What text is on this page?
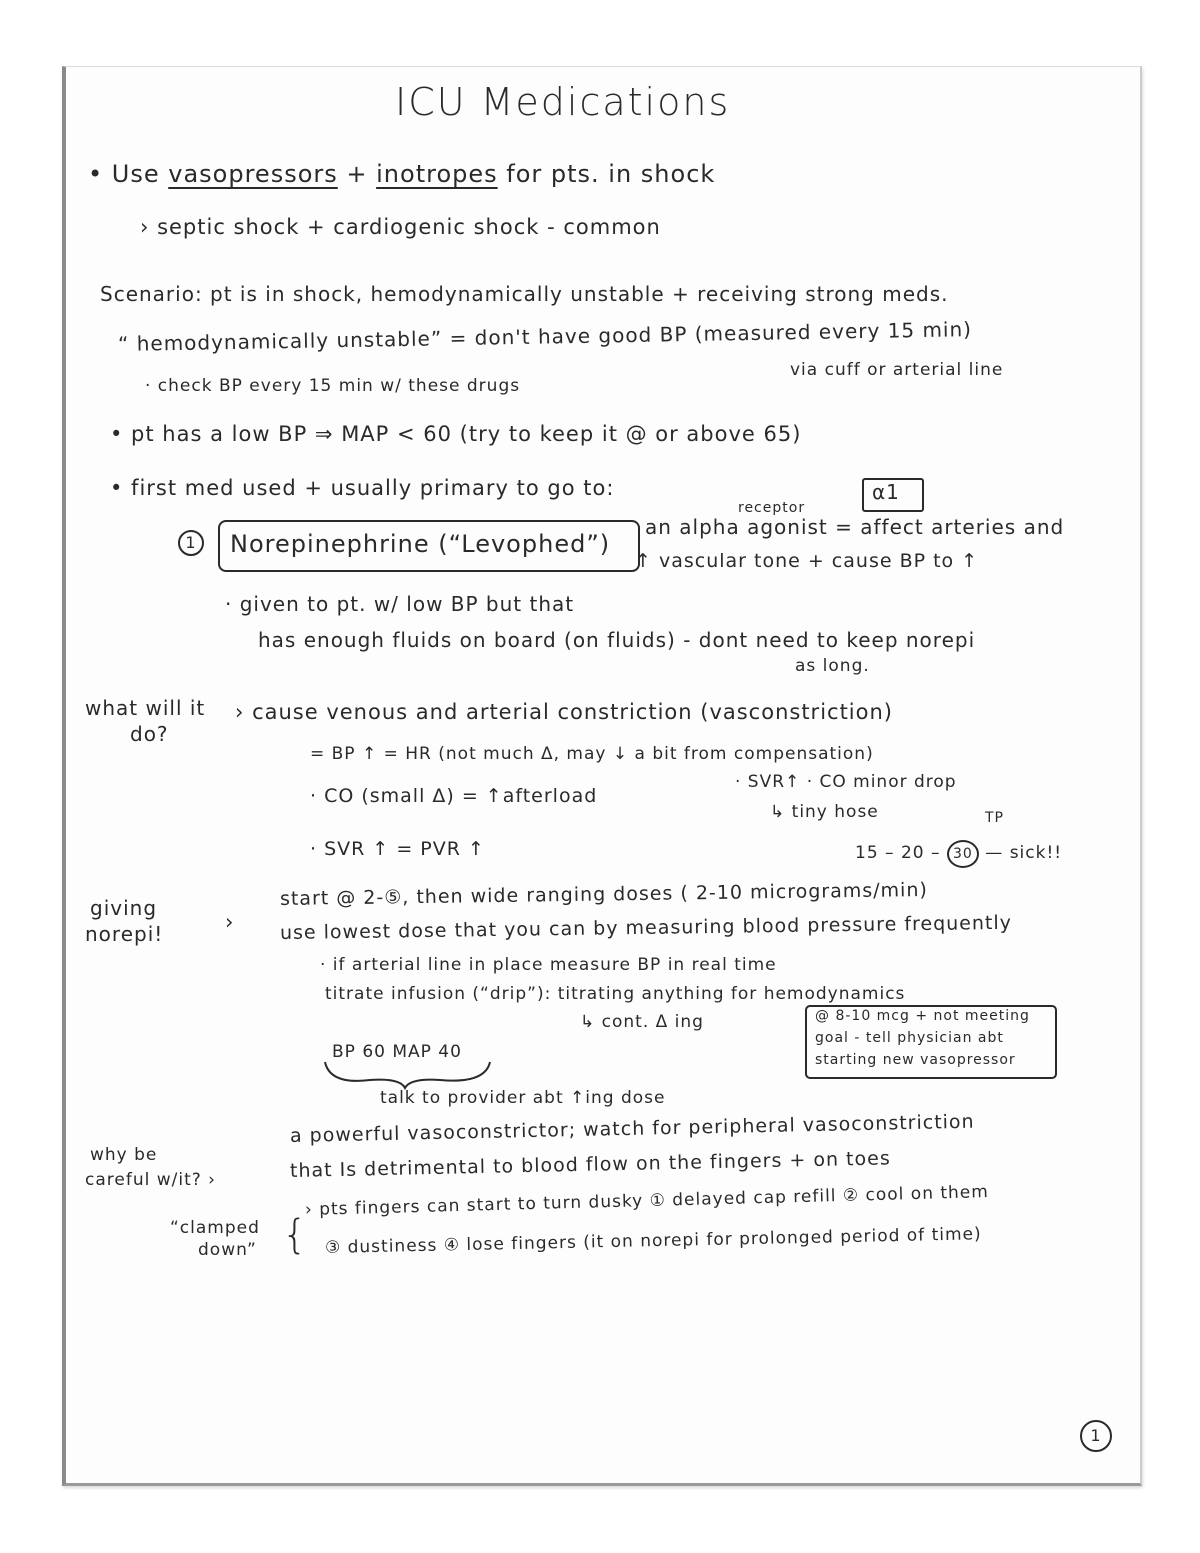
ICU Medications
• Use vasopressors + inotropes for pts. in shock
› septic shock + cardiogenic shock - common
Scenario: pt is in shock, hemodynamically unstable + receiving strong meds.
“ hemodynamically unstable” = don't have good BP (measured every 15 min)
· check BP every 15 min w/ these drugs
via cuff or arterial line
• pt has a low BP ⇒ MAP < 60 (try to keep it @ or above 65)
• first med used + usually primary to go to:	α1
receptor
1	Norepinephrine (“Levophed”)
an alpha agonist = affect arteries and
↑ vascular tone + cause BP to ↑
· given to pt. w/ low BP but that
has enough fluids on board (on fluids) - dont need to keep norepi
as long.
what will it
do?
› cause venous and arterial constriction (vasconstriction)
= BP ↑ = HR (not much Δ, may ↓ a bit from compensation)
· CO (small Δ) = ↑afterload
· SVR↑ · CO minor drop
↳ tiny hose
· SVR ↑ = PVR ↑	15 – 20 – 30 — sick!!
TP
giving
norepi!	›
start @ 2-⑤, then wide ranging doses ( 2-10 micrograms/min)
use lowest dose that you can by measuring blood pressure frequently
· if arterial line in place measure BP in real time
titrate infusion (“drip”): titrating anything for hemodynamics
↳ cont. Δ ing	@ 8-10 mcg + not meeting
goal - tell physician abt
starting new vasopressor
BP 60 MAP 40
talk to provider abt ↑ing dose
why be
careful w/it? ›
a powerful vasoconstrictor; watch for peripheral vasoconstriction
that Is detrimental to blood flow on the fingers + on toes
“clamped
down” {
› pts fingers can start to turn dusky ① delayed cap refill ② cool on them
③ dustiness ④ lose fingers (it on norepi for prolonged period of time)
1
